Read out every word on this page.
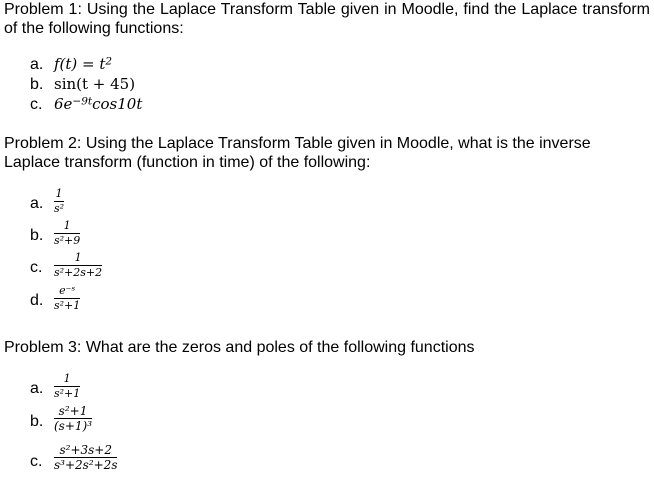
Problem 1: Using the Laplace Transform Table given in Moodle, find the Laplace transform of the following functions:
a. $f(t) = t^2$
b. sin(t + 45)
c. $6e^{-9t}\cos 10t$
Problem 2: Using the Laplace Transform Table given in Moodle, what is the inverse Laplace transform (function in time) of the following:
a.
1
s²
b.
1
s²+9
c.
1
s²+2s+2
d.
e⁻ˢ
s²+1
Problem 3: What are the zeros and poles of the following functions
a.
1
s²+1
b.
s²+1
(s+1)³
c.
s²+3s+2
s³+2s²+2s
